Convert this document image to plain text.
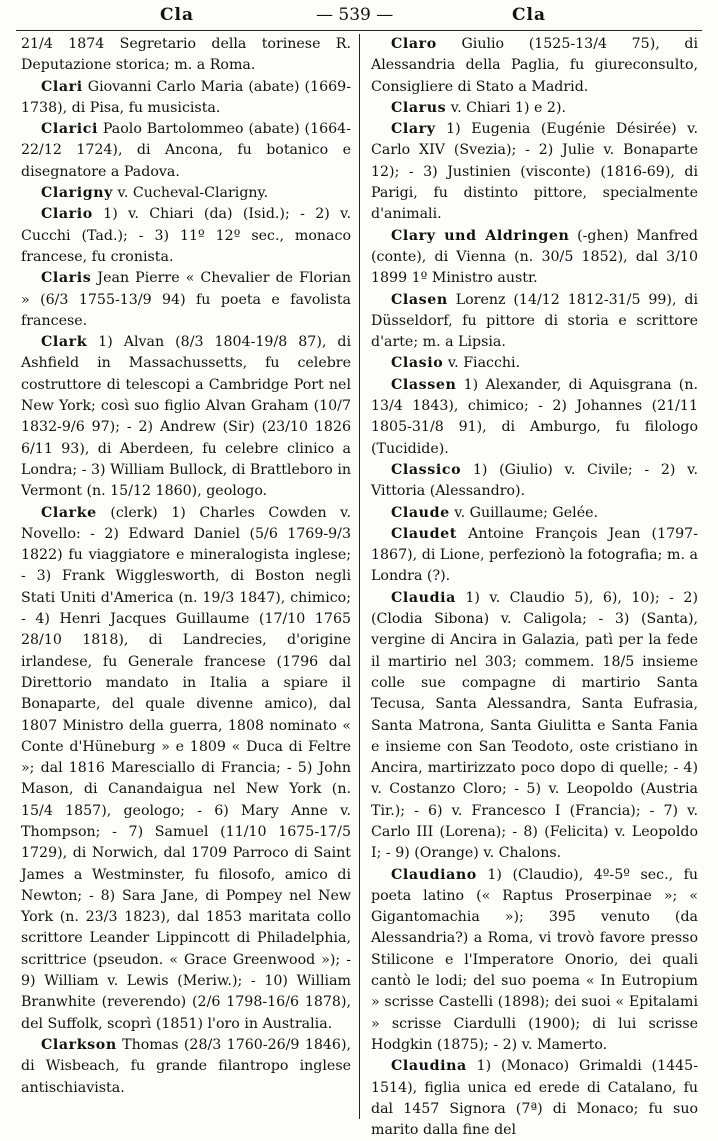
Cla	— 539 —	Cla

21/4 1874 Segretario della torinese R. Deputazione storica; m. a Roma.

Clari Giovanni Carlo Maria (abate) (1669-1738), di Pisa, fu musicista.

Clarici Paolo Bartolommeo (abate) (1664-22/12 1724), di Ancona, fu botanico e disegnatore a Padova.

Clarigny v. Cucheval-Clarigny.

Clario 1) v. Chiari (da) (Isid.); - 2) v. Cucchi (Tad.); - 3) 11º 12º sec., monaco francese, fu cronista.

Claris Jean Pierre « Chevalier de Florian » (6/3 1755-13/9 94) fu poeta e favolista francese.

Clark 1) Alvan (8/3 1804-19/8 87), di Ashfield in Massachussetts, fu celebre costruttore di telescopi a Cambridge Port nel New York; così suo figlio Alvan Graham (10/7 1832-9/6 97); - 2) Andrew (Sir) (23/10 1826 6/11 93), di Aberdeen, fu celebre clinico a Londra; - 3) William Bullock, di Brattleboro in Vermont (n. 15/12 1860), geologo.

Clarke (clerk) 1) Charles Cowden v. Novello: - 2) Edward Daniel (5/6 1769-9/3 1822) fu viaggiatore e mineralogista inglese; - 3) Frank Wigglesworth, di Boston negli Stati Uniti d'America (n. 19/3 1847), chimico; - 4) Henri Jacques Guillaume (17/10 1765 28/10 1818), di Landrecies, d'origine irlandese, fu Generale francese (1796 dal Direttorio mandato in Italia a spiare il Bonaparte, del quale divenne amico), dal 1807 Ministro della guerra, 1808 nominato « Conte d'Hüneburg » e 1809 « Duca di Feltre »; dal 1816 Maresciallo di Francia; - 5) John Mason, di Canandaigua nel New York (n. 15/4 1857), geologo; - 6) Mary Anne v. Thompson; - 7) Samuel (11/10 1675-17/5 1729), di Norwich, dal 1709 Parroco di Saint James a Westminster, fu filosofo, amico di Newton; - 8) Sara Jane, di Pompey nel New York (n. 23/3 1823), dal 1853 maritata collo scrittore Leander Lippincott di Philadelphia, scrittrice (pseudon. « Grace Greenwood »); - 9) William v. Lewis (Meriw.); - 10) William Branwhite (reverendo) (2/6 1798-16/6 1878), del Suffolk, scoprì (1851) l'oro in Australia.

Clarkson Thomas (28/3 1760-26/9 1846), di Wisbeach, fu grande filantropo inglese antischiavista.

Claro Giulio (1525-13/4 75), di Alessandria della Paglia, fu giureconsulto, Consigliere di Stato a Madrid.

Clarus v. Chiari 1) e 2).

Clary 1) Eugenia (Eugénie Désirée) v. Carlo XIV (Svezia); - 2) Julie v. Bonaparte 12); - 3) Justinien (visconte) (1816-69), di Parigi, fu distinto pittore, specialmente d'animali.

Clary und Aldringen (-ghen) Manfred (conte), di Vienna (n. 30/5 1852), dal 3/10 1899 1º Ministro austr.

Clasen Lorenz (14/12 1812-31/5 99), di Düsseldorf, fu pittore di storia e scrittore d'arte; m. a Lipsia.

Clasio v. Fiacchi.

Classen 1) Alexander, di Aquisgrana (n. 13/4 1843), chimico; - 2) Johannes (21/11 1805-31/8 91), di Amburgo, fu filologo (Tucidide).

Classico 1) (Giulio) v. Civile; - 2) v. Vittoria (Alessandro).

Claude v. Guillaume; Gelée.

Claudet Antoine François Jean (1797-1867), di Lione, perfezionò la fotografia; m. a Londra (?).

Claudia 1) v. Claudio 5), 6), 10); - 2) (Clodia Sibona) v. Caligola; - 3) (Santa), vergine di Ancira in Galazia, patì per la fede il martirio nel 303; commem. 18/5 insieme colle sue compagne di martirio Santa Tecusa, Santa Alessandra, Santa Eufrasia, Santa Matrona, Santa Giulitta e Santa Fania e insieme con San Teodoto, oste cristiano in Ancira, martirizzato poco dopo di quelle; - 4) v. Costanzo Cloro; - 5) v. Leopoldo (Austria Tir.); - 6) v. Francesco I (Francia); - 7) v. Carlo III (Lorena); - 8) (Felicita) v. Leopoldo I; - 9) (Orange) v. Chalons.

Claudiano 1) (Claudio), 4º-5º sec., fu poeta latino (« Raptus Proserpinae »; « Gigantomachia »); 395 venuto (da Alessandria?) a Roma, vi trovò favore presso Stilicone e l'Imperatore Onorio, dei quali cantò le lodi; del suo poema « In Eutropium » scrisse Castelli (1898); dei suoi « Epitalami » scrisse Ciardulli (1900); di lui scrisse Hodgkin (1875); - 2) v. Mamerto.

Claudina 1) (Monaco) Grimaldi (1445-1514), figlia unica ed erede di Catalano, fu dal 1457 Signora (7ª) di Monaco; fu suo marito dalla fine del
